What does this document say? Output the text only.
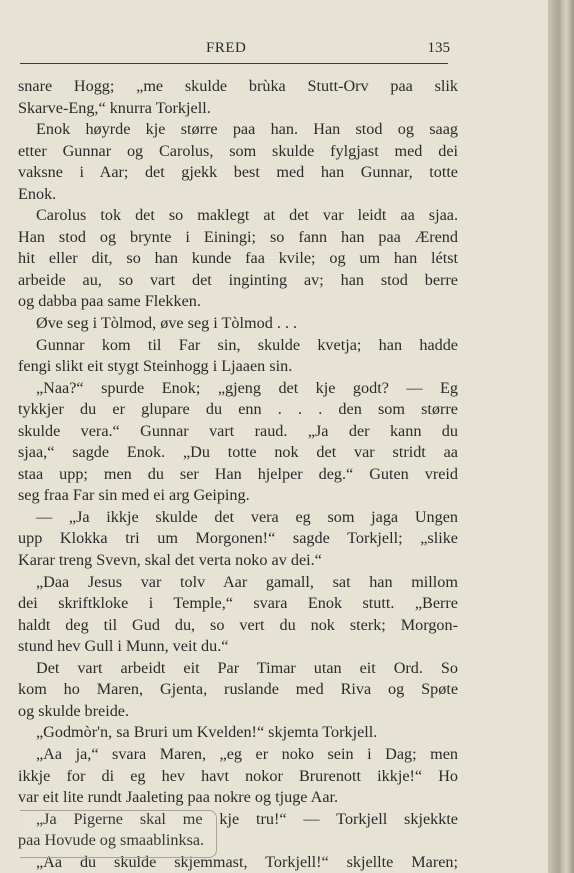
FRED	135
snare Hogg; „me skulde brùka Stutt-Orv paa slik
Skarve-Eng,“ knurra Torkjell.
Enok høyrde kje større paa han. Han stod og saag
etter Gunnar og Carolus, som skulde fylgjast med dei
vaksne i Aar; det gjekk best med han Gunnar, totte
Enok.
Carolus tok det so maklegt at det var leidt aa sjaa.
Han stod og brynte i Einingi; so fann han paa Ærend
hit eller dit, so han kunde faa kvile; og um han létst
arbeide au, so vart det inginting av; han stod berre
og dabba paa same Flekken.
Øve seg i Tòlmod, øve seg i Tòlmod . . .
Gunnar kom til Far sin, skulde kvetja; han hadde
fengi slikt eit stygt Steinhogg i Ljaaen sin.
„Naa?“ spurde Enok; „gjeng det kje godt? — Eg
tykkjer du er glupare du enn . . . den som større
skulde vera.“ Gunnar vart raud. „Ja der kann du
sjaa,“ sagde Enok. „Du totte nok det var stridt aa
staa upp; men du ser Han hjelper deg.“ Guten vreid
seg fraa Far sin med ei arg Geiping.
— „Ja ikkje skulde det vera eg som jaga Ungen
upp Klokka tri um Morgonen!“ sagde Torkjell; „slike
Karar treng Svevn, skal det verta noko av dei.“
„Daa Jesus var tolv Aar gamall, sat han millom
dei skriftkloke i Temple,“ svara Enok stutt. „Berre
haldt deg til Gud du, so vert du nok sterk; Morgon-
stund hev Gull i Munn, veit du.“
Det vart arbeidt eit Par Timar utan eit Ord. So
kom ho Maren, Gjenta, ruslande med Riva og Spøte
og skulde breide.
„Godmòr'n, sa Bruri um Kvelden!“ skjemta Torkjell.
„Aa ja,“ svara Maren, „eg er noko sein i Dag; men
ikkje for di eg hev havt nokor Brurenott ikkje!“ Ho
var eit lite rundt Jaaleting paa nokre og tjuge Aar.
„Ja Pigerne skal me kje tru!“ — Torkjell skjekkte
paa Hovude og smaablinksa.
„Aa du skulde skjemmast, Torkjell!“ skjellte Maren;
